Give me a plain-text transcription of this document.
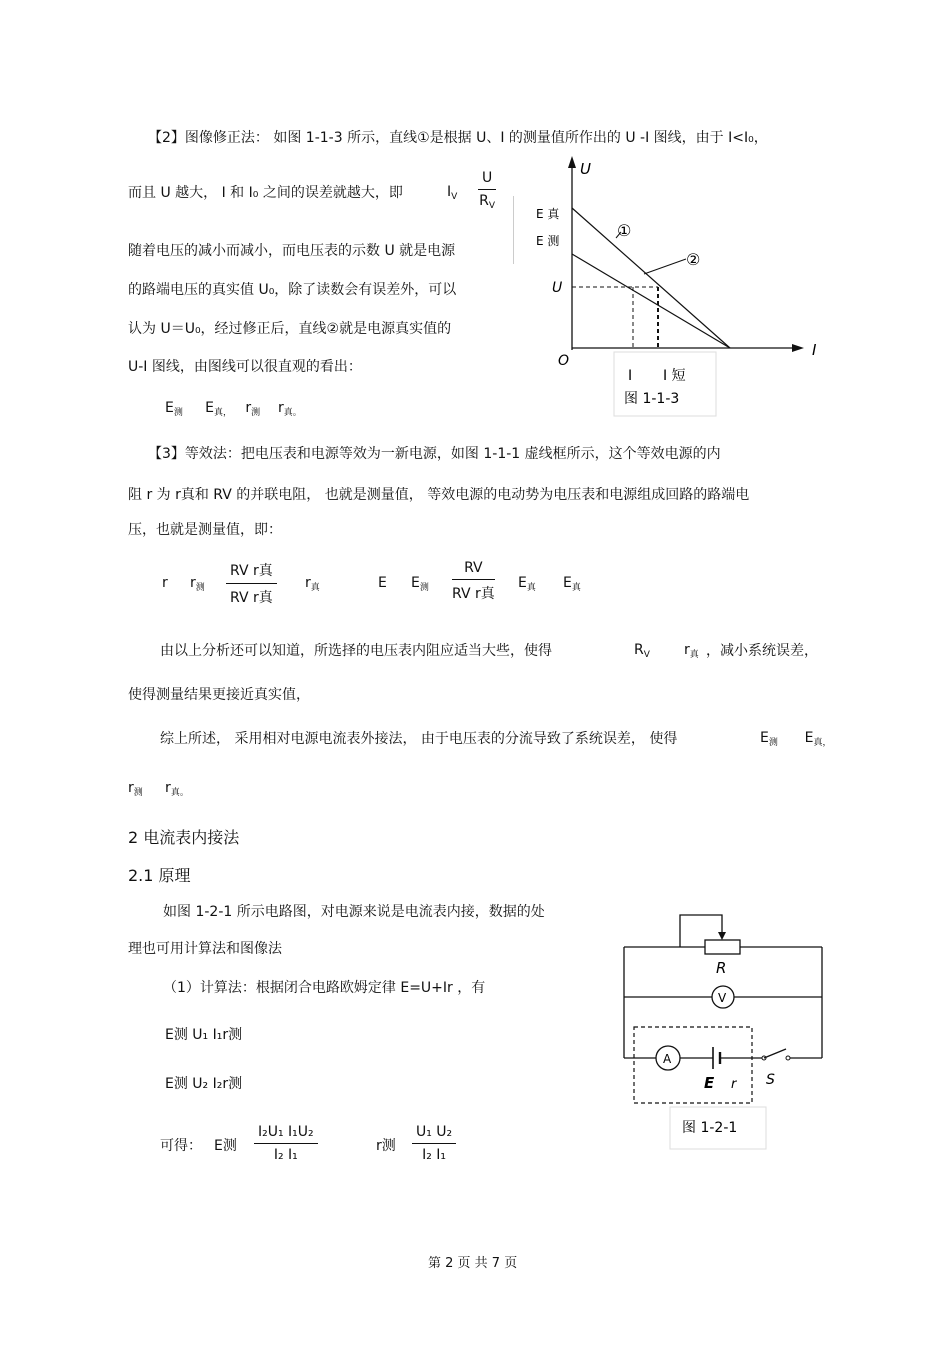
【2】图像修正法： 如图 1-1-3 所示，直线①是根据 U、I 的测量值所作出的 U -I 图线，由于 I<I₀，
而且 U 越大， I 和 I₀ 之间的误差就越大，即	$I_V \frac{U}{R_V}$
随着电压的减小而减小，而电压表的示数 U 就是电源
的路端电压的真实值 U₀，除了读数会有误差外，可以
认为 U＝U₀，经过修正后，直线②就是电源真实值的
U-I 图线，由图线可以很直观的看出：
$E_测$ $E_{真,}$ $r_测$ $r_{真。}$
U
I
O
E 真
E 测
①
②
U
I I 短
图 1-1-3
【3】等效法：把电压表和电源等效为一新电源，如图 1-1-1 虚线框所示，这个等效电源的内
阻 r 为 r真和 RV 的并联电阻， 也就是测量值， 等效电源的电动势为电压表和电源组成回路的路端电
压，也就是测量值，即：
r $r_测$
RV r真
RV r真
$r_真$	E $E_测$
RV
RV r真
$E_真$ $E_真$
由以上分析还可以知道，所选择的电压表内阻应适当大些，使得	$R_V$ $r_真$ ，减小系统误差，
使得测量结果更接近真实值，
综上所述， 采用相对电源电流表外接法， 由于电压表的分流导致了系统误差， 使得	$E_测$ $E_{真,}$
$r_测$ $r_{真。}$
2 电流表内接法
2.1 原理
如图 1-2-1 所示电路图，对电源来说是电流表内接，数据的处
理也可用计算法和图像法
（1）计算法：根据闭合电路欧姆定律 E=U+Ir ，有
E测 U₁ I₁r测
E测 U₂ I₂r测
可得： E测 $\frac{\text{I₂U₁ I₁U₂}}{\text{I₂ I₁}}$	r测 $\frac{\text{U₁ U₂}}{\text{I₂ I₁}}$
R
V
A
E r S
图 1-2-1
第 2 页 共 7 页
